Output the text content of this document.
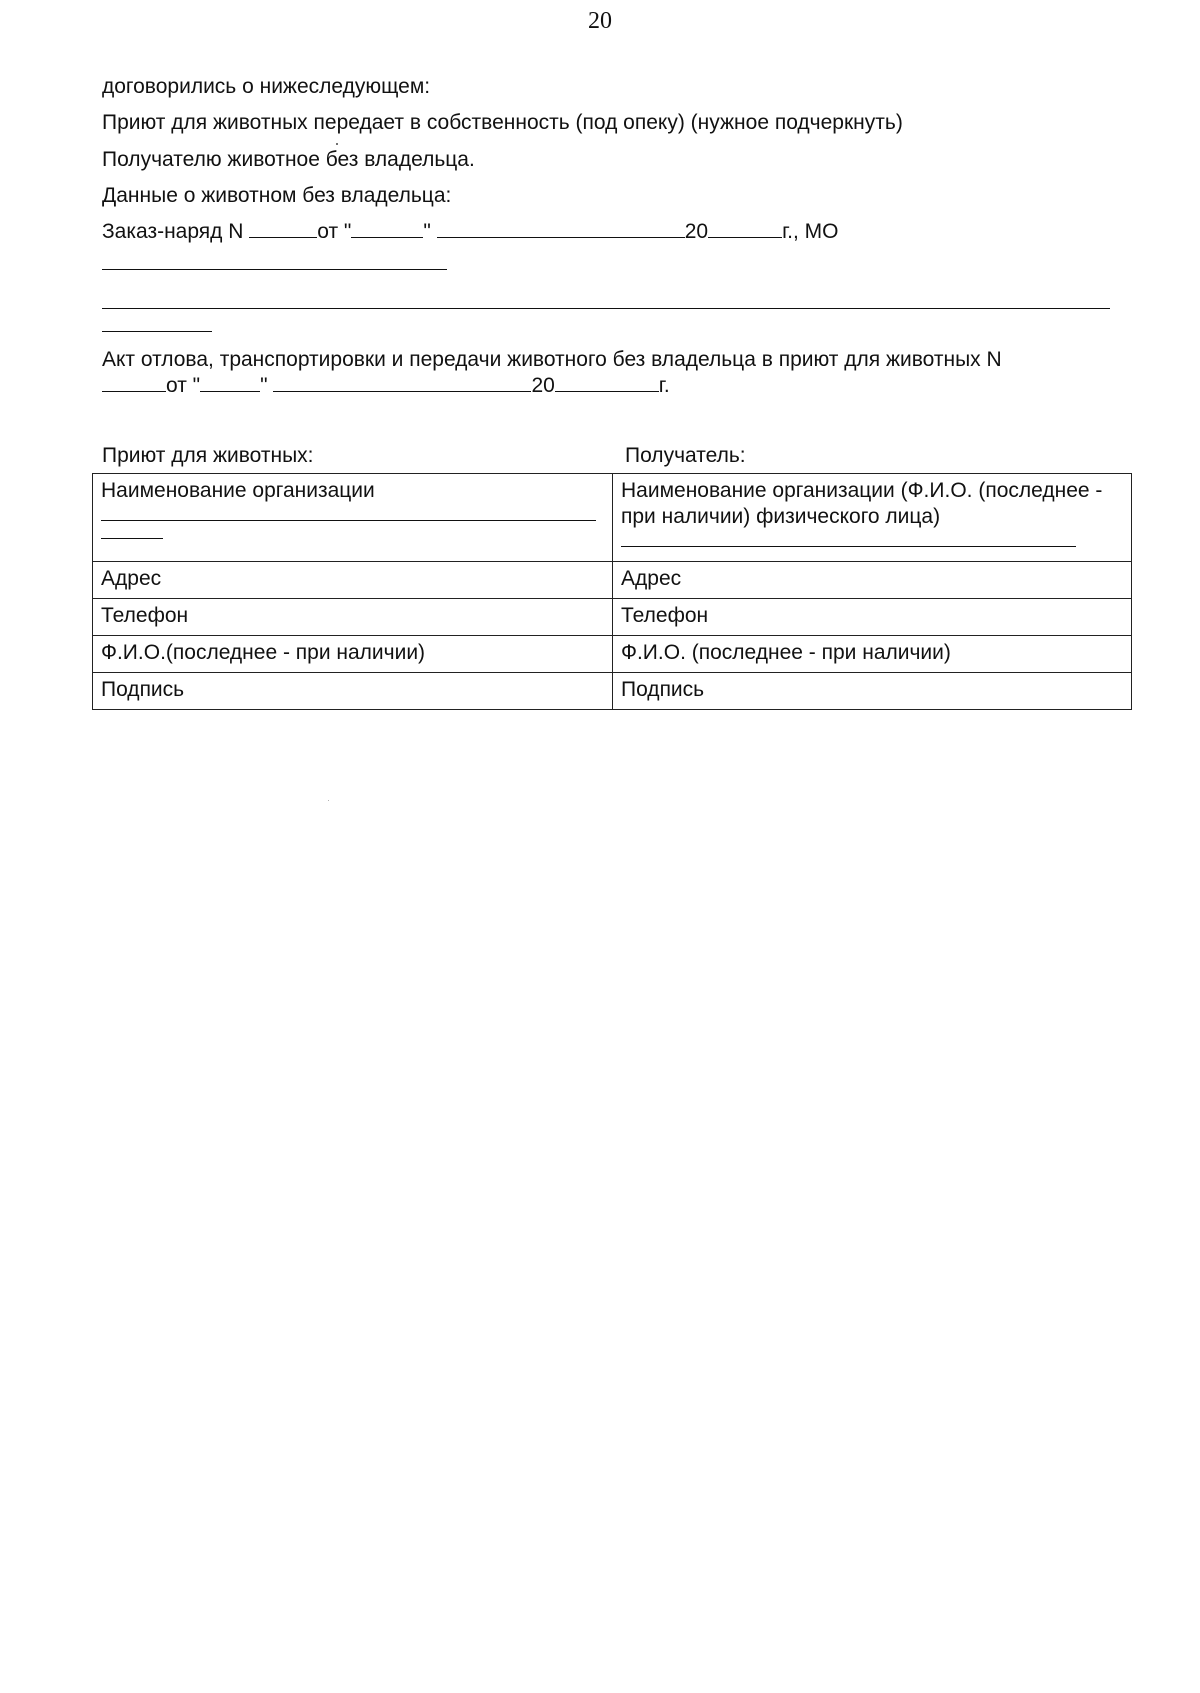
20
договорились о нижеследующем:
Приют для животных передает в собственность (под опеку) (нужное подчеркнуть)
Получателю животное без владельца.
Данные о животном без владельца:
Заказ-наряд N	от "	"	20	г., МО
Акт отлова, транспортировки и передачи животного без владельца в приют для животных N
от "	"	20	г.
Приют для животных:	Получатель:
Наименование организации	Наименование организации (Ф.И.О. (последнее - при наличии) физического лица)

Адрес	Адрес
Телефон	Телефон
Ф.И.О.(последнее - при наличии)	Ф.И.О. (последнее - при наличии)
Подпись	Подпись
